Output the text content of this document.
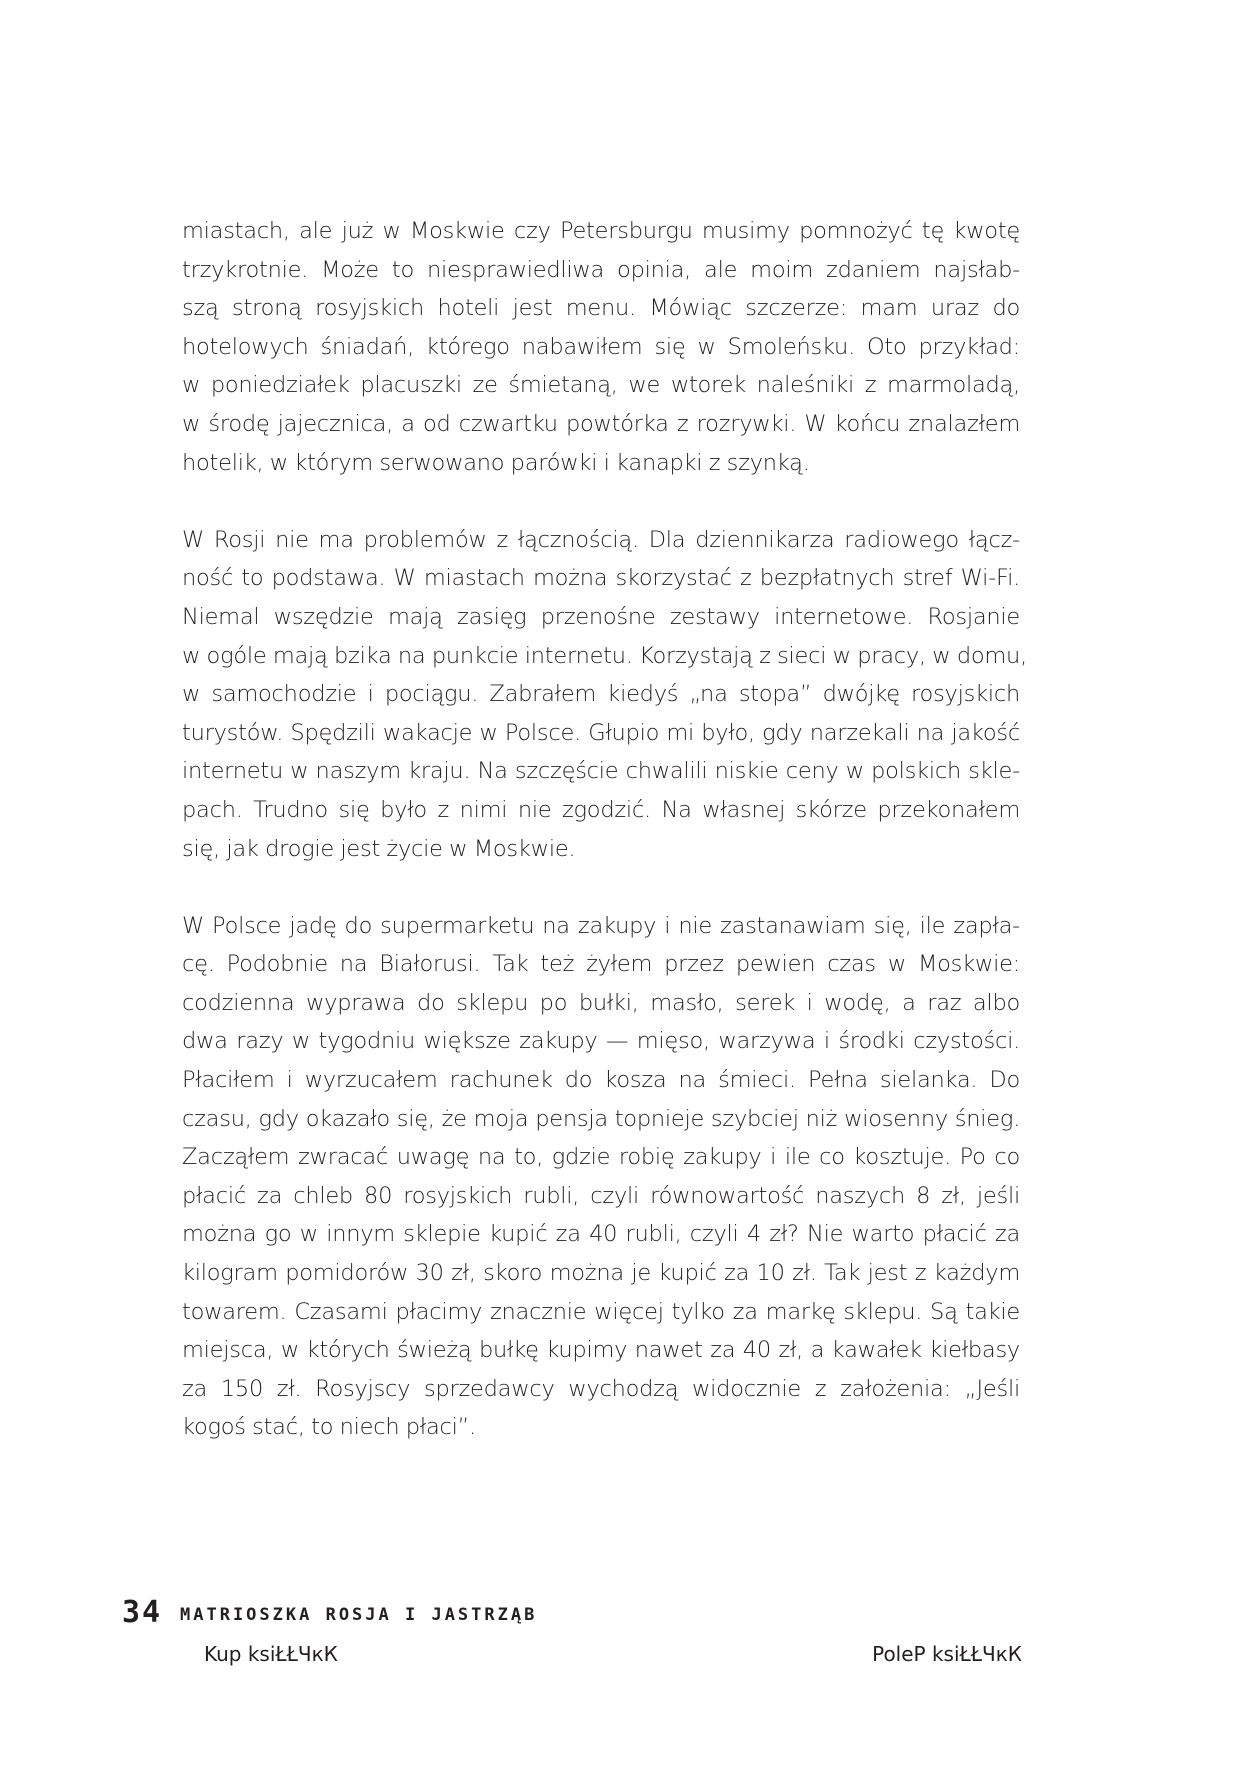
miastach, ale już w Moskwie czy Petersburgu musimy pomnożyć tę kwotę
trzykrotnie. Może to niesprawiedliwa opinia, ale moim zdaniem najsłab-
szą stroną rosyjskich hoteli jest menu. Mówiąc szczerze: mam uraz do
hotelowych śniadań, którego nabawiłem się w Smoleńsku. Oto przykład:
w poniedziałek placuszki ze śmietaną, we wtorek naleśniki z marmoladą,
w środę jajecznica, a od czwartku powtórka z rozrywki. W końcu znalazłem
hotelik, w którym serwowano parówki i kanapki z szynką.

W Rosji nie ma problemów z łącznością. Dla dziennikarza radiowego łącz-
ność to podstawa. W miastach można skorzystać z bezpłatnych stref Wi-Fi.
Niemal wszędzie mają zasięg przenośne zestawy internetowe. Rosjanie
w ogóle mają bzika na punkcie internetu. Korzystają z sieci w pracy, w domu,
w samochodzie i pociągu. Zabrałem kiedyś „na stopa” dwójkę rosyjskich
turystów. Spędzili wakacje w Polsce. Głupio mi było, gdy narzekali na jakość
internetu w naszym kraju. Na szczęście chwalili niskie ceny w polskich skle-
pach. Trudno się było z nimi nie zgodzić. Na własnej skórze przekonałem
się, jak drogie jest życie w Moskwie.

W Polsce jadę do supermarketu na zakupy i nie zastanawiam się, ile zapła-
cę. Podobnie na Białorusi. Tak też żyłem przez pewien czas w Moskwie:
codzienna wyprawa do sklepu po bułki, masło, serek i wodę, a raz albo
dwa razy w tygodniu większe zakupy — mięso, warzywa i środki czystości.
Płaciłem i wyrzucałem rachunek do kosza na śmieci. Pełna sielanka. Do
czasu, gdy okazało się, że moja pensja topnieje szybciej niż wiosenny śnieg.
Zacząłem zwracać uwagę na to, gdzie robię zakupy i ile co kosztuje. Po co
płacić za chleb 80 rosyjskich rubli, czyli równowartość naszych 8 zł, jeśli
można go w innym sklepie kupić za 40 rubli, czyli 4 zł? Nie warto płacić za
kilogram pomidorów 30 zł, skoro można je kupić za 10 zł. Tak jest z każdym
towarem. Czasami płacimy znacznie więcej tylko za markę sklepu. Są takie
miejsca, w których świeżą bułkę kupimy nawet za 40 zł, a kawałek kiełbasy
za 150 zł. Rosyjscy sprzedawcy wychodzą widocznie z założenia: „Jeśli
kogoś stać, to niech płaci”.

34 MATRIOSZKA ROSJA I JASTRZĄB
Kup ksiŁŁЧкК	PoleP ksiŁŁЧкК
